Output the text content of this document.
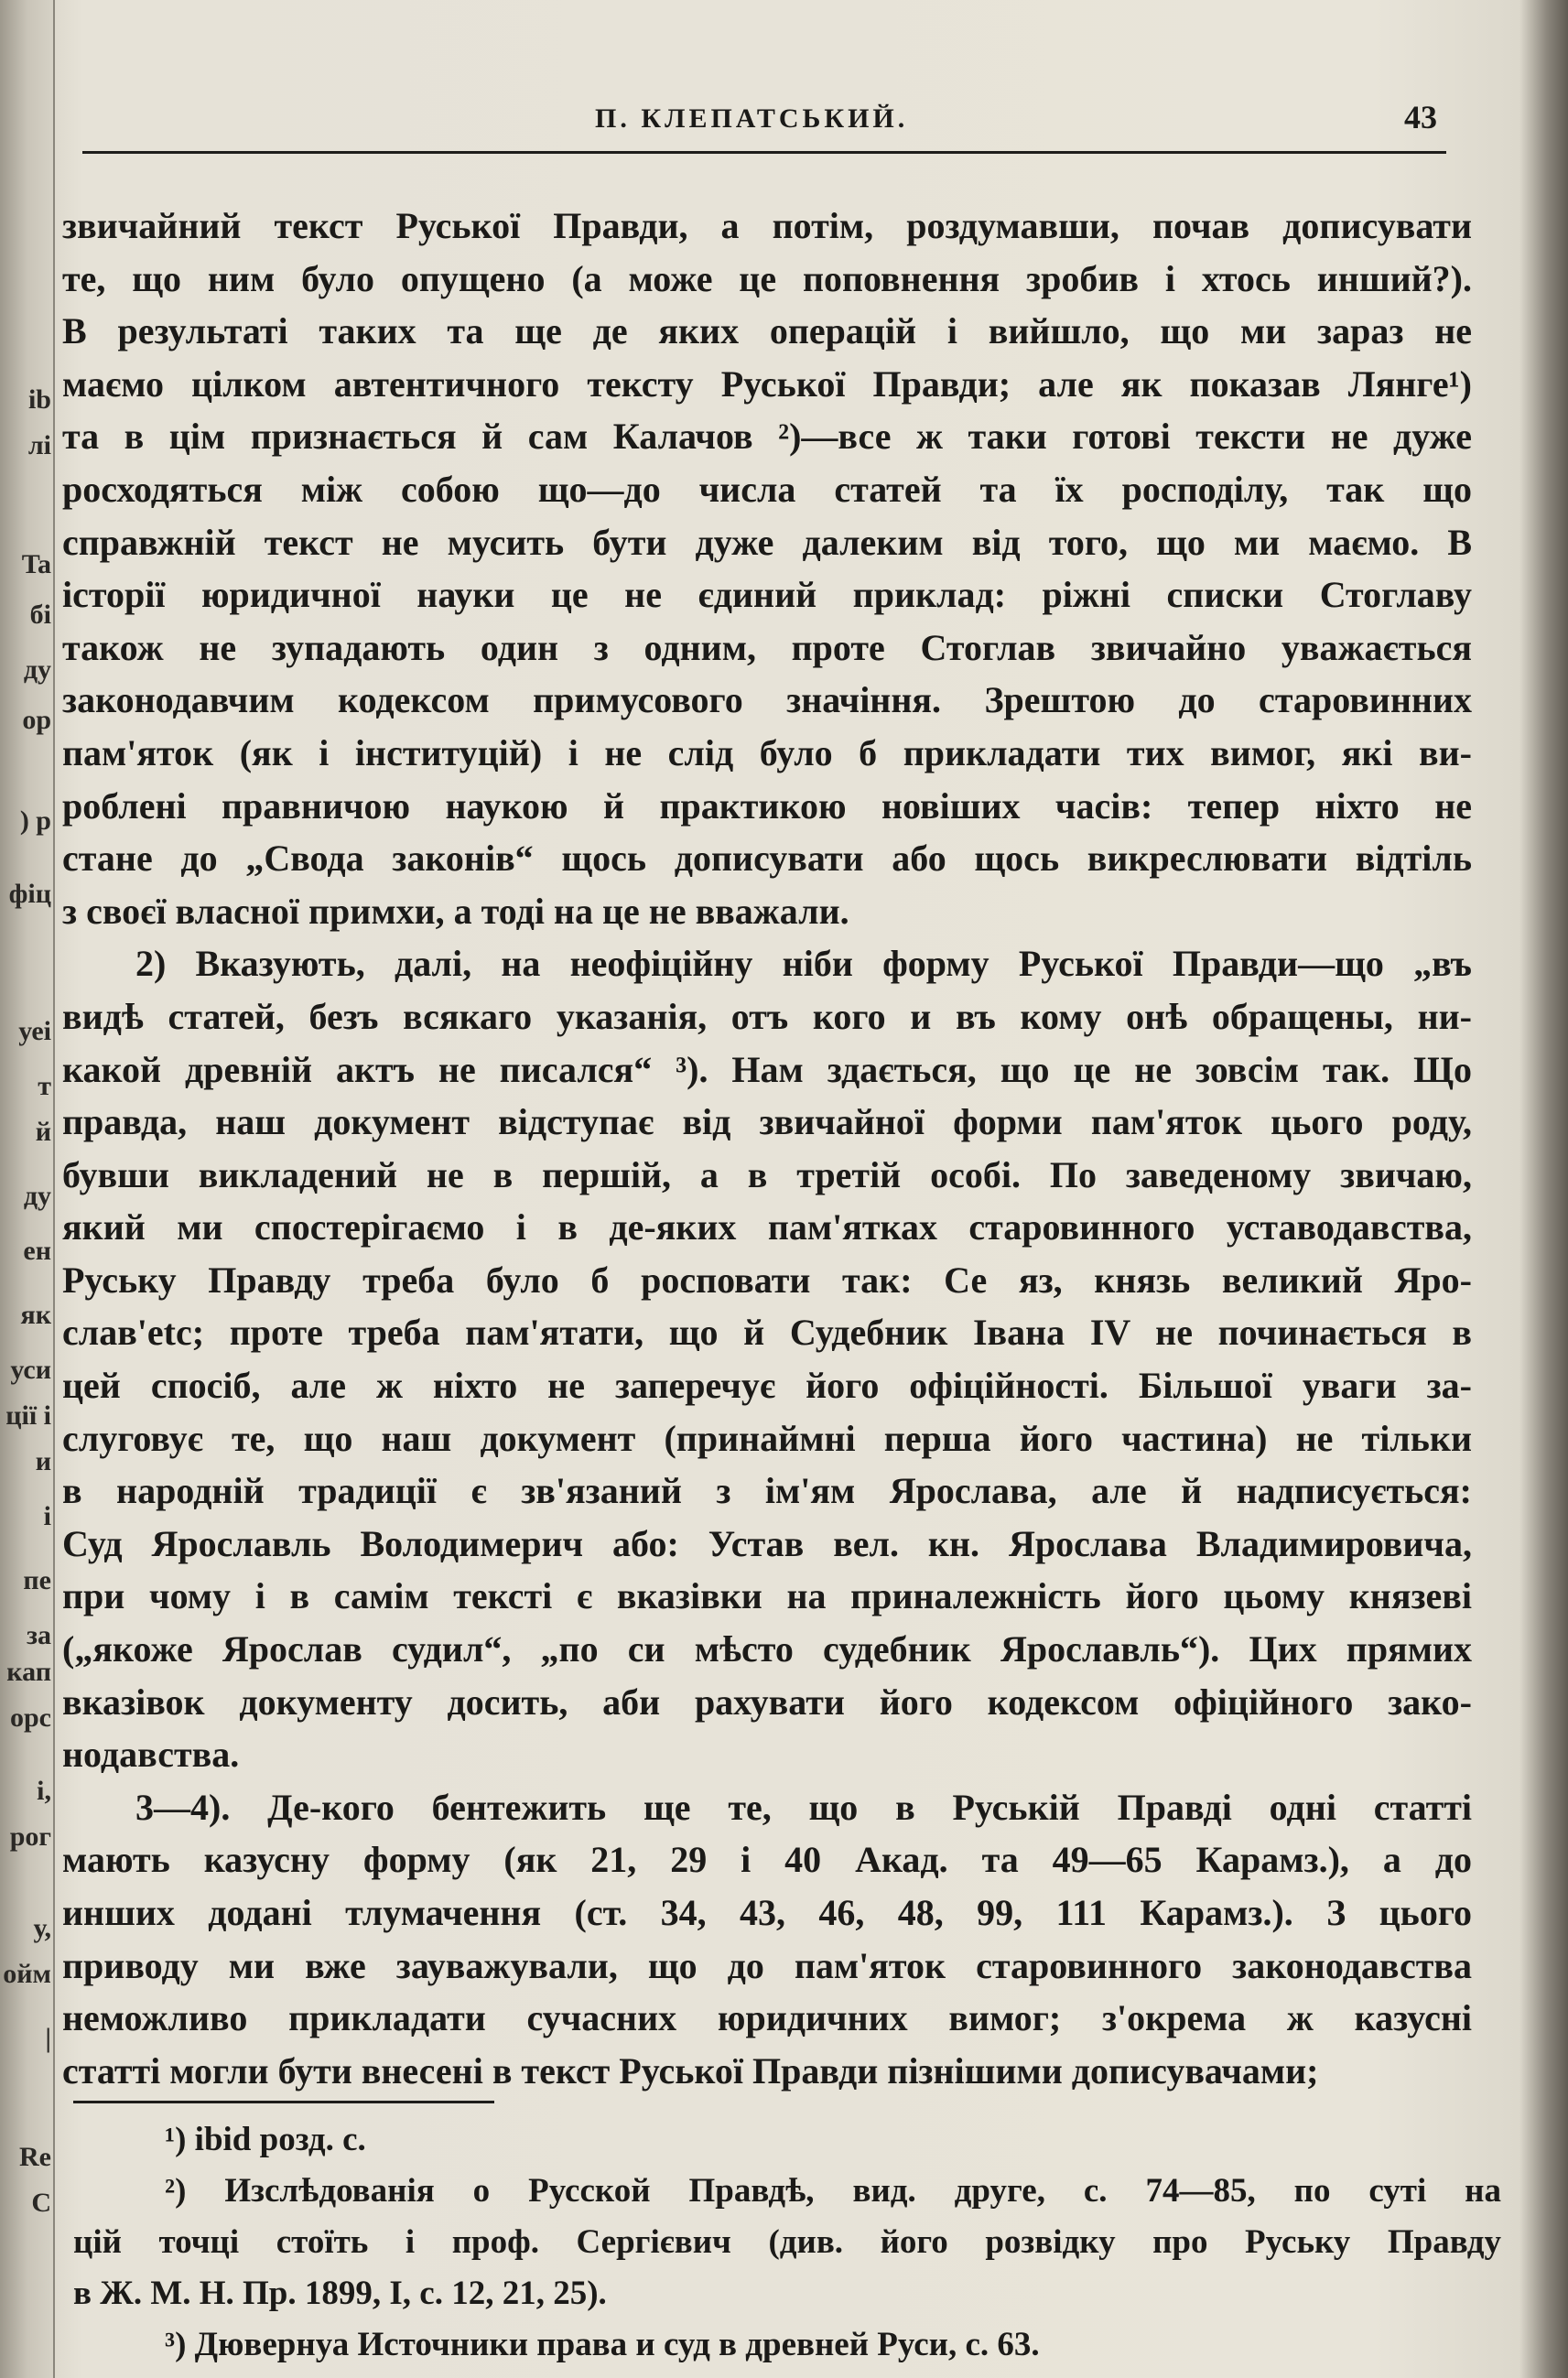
іb
лі
Ta
бі
ду
ор
) р
фіц
уеі
т
й
ду
ен
як
уси
ції і
и
і
пе
за
кап
орс
і,
рог
у,
ойм
|
Re
C
П. КЛЕПАТСЬКИЙ.	43
звичайний текст Руської Правди, а потім, роздумавши, почав дописувати
те, що ним було опущено (а може це поповнення зробив і хтось инший?).
В результаті таких та ще де яких операцій і вийшло, що ми зараз не
маємо цілком автентичного тексту Руської Правди; але як показав Лянге¹)
та в цім признається й сам Калачов ²)—все ж таки готові тексти не дуже
росходяться між собою що—до числа статей та їх росподілу, так що
справжній текст не мусить бути дуже далеким від того, що ми маємо. В
історії юридичної науки це не єдиний приклад: ріжні списки Стоглаву
також не зупадають один з одним, проте Стоглав звичайно уважається
законодавчим кодексом примусового значіння. Зрештою до старовинних
пам'яток (як і інституцій) і не слід було б прикладати тих вимог, які ви-
роблені правничою наукою й практикою новіших часів: тепер ніхто не
стане до „Свода законів“ щось дописувати або щось викреслювати відтіль
з своєї власної примхи, а тоді на це не вважали.
2) Вказують, далі, на неофіційну ніби форму Руської Правди—що „въ
видѣ статей, безъ всякаго указанія, отъ кого и въ кому онѣ обращены, ни-
какой древній актъ не писался“ ³). Нам здається, що це не зовсім так. Що
правда, наш документ відступає від звичайної форми пам'яток цього роду,
бувши викладений не в першій, а в третій особі. По заведеному звичаю,
який ми спостерігаємо і в де-яких пам'ятках старовинного уставодавства,
Руську Правду треба було б росповати так: Се яз, князь великий Яро-
слав'etc; проте треба пам'ятати, що й Судебник Івана IV не починається в
цей спосіб, але ж ніхто не заперечує його офіційності. Більшої уваги за-
слуговує те, що наш документ (принаймні перша його частина) не тільки
в народній традиції є зв'язаний з ім'ям Ярослава, але й надписується:
Суд Ярославль Володимерич або: Устав вел. кн. Ярослава Владимировича,
при чому і в самім тексті є вказівки на приналежність його цьому князеві
(„якоже Ярослав судил“, „по си мѣсто судебник Ярославль“). Цих прямих
вказівок документу досить, аби рахувати його кодексом офіційного зако-
нодавства.
3—4). Де-кого бентежить ще те, що в Руській Правді одні статті
мають казусну форму (як 21, 29 і 40 Акад. та 49—65 Карамз.), а до
инших додані тлумачення (ст. 34, 43, 46, 48, 99, 111 Карамз.). З цього
приводу ми вже зауважували, що до пам'яток старовинного законодавства
неможливо прикладати сучасних юридичних вимог; з'окрема ж казусні
статті могли бути внесені в текст Руської Правди пізнішими дописувачами;
¹) ibid розд. с.
²) Изслѣдованія о Русской Правдѣ, вид. друге, с. 74—85, по суті на
цій точці стоїть і проф. Сергієвич (див. його розвідку про Руську Правду
в Ж. М. Н. Пр. 1899, I, с. 12, 21, 25).
³) Дювернуа Источники права и суд в древней Руси, с. 63.
